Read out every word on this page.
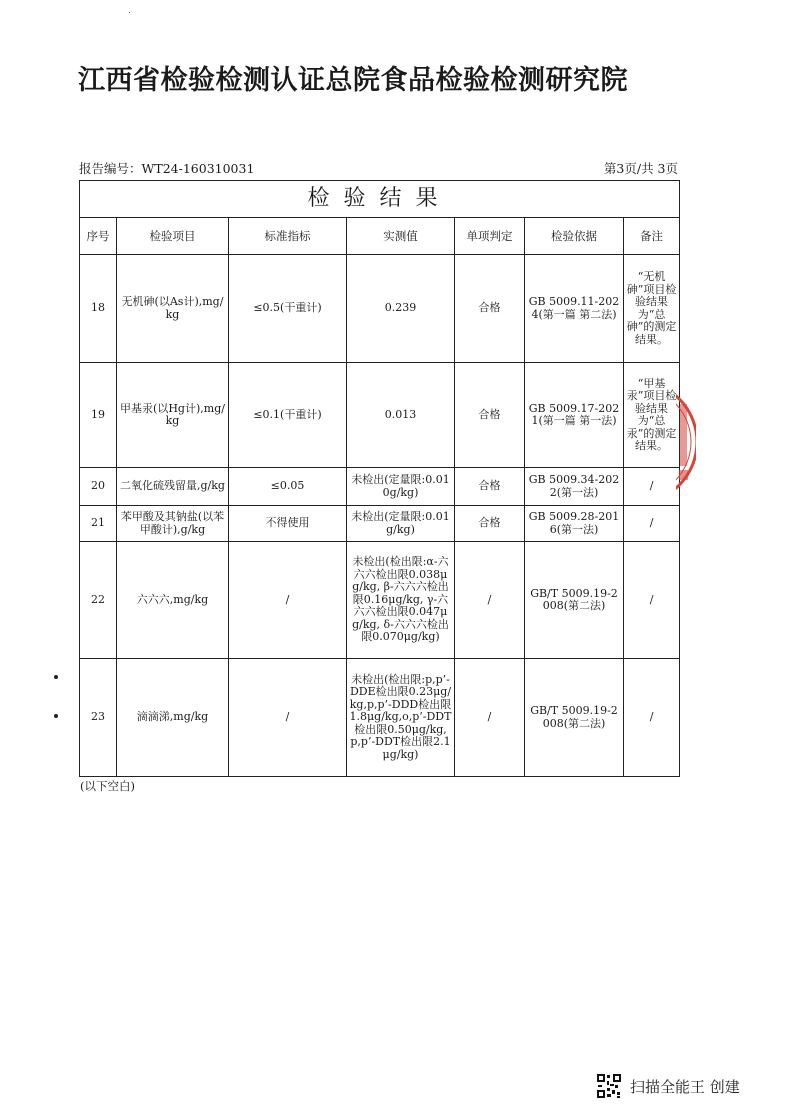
江西省检验检测认证总院食品检验检测研究院
报告编号：WT24-160310031	第3页/共 3页
检验结果						
序号	检验项目	标准指标	实测值	单项判定	检验依据	备注
18	无机砷(以As计),mg/kg	≤0.5(干重计)	0.239	合格	GB 5009.11-2024(第一篇 第二法)	“无机砷”项目检验结果为“总砷”的测定结果。
19	甲基汞(以Hg计),mg/kg	≤0.1(干重计)	0.013	合格	GB 5009.17-2021(第一篇 第一法)	“甲基汞”项目检验结果为“总汞”的测定结果。
20	二氧化硫残留量,g/kg	≤0.05	未检出(定量限:0.010g/kg)	合格	GB 5009.34-2022(第一法)	/
21	苯甲酸及其钠盐(以苯甲酸计),g/kg	不得使用	未检出(定量限:0.01g/kg)	合格	GB 5009.28-2016(第一法)	/
22	六六六,mg/kg	/	未检出(检出限:α-六六六检出限0.038μg/kg, β-六六六检出限0.16μg/kg, γ-六六六检出限0.047μg/kg, δ-六六六检出限0.070μg/kg)	/	GB/T 5009.19-2008(第二法)	/
23	滴滴涕,mg/kg	/	未检出(检出限:p,p’-DDE检出限0.23μg/kg,p,p’-DDD检出限1.8μg/kg,o,p’-DDT检出限0.50μg/kg,p,p’-DDT检出限2.1μg/kg)	/	GB/T 5009.19-2008(第二法)	/
(以下空白)
扫描全能王 创建
